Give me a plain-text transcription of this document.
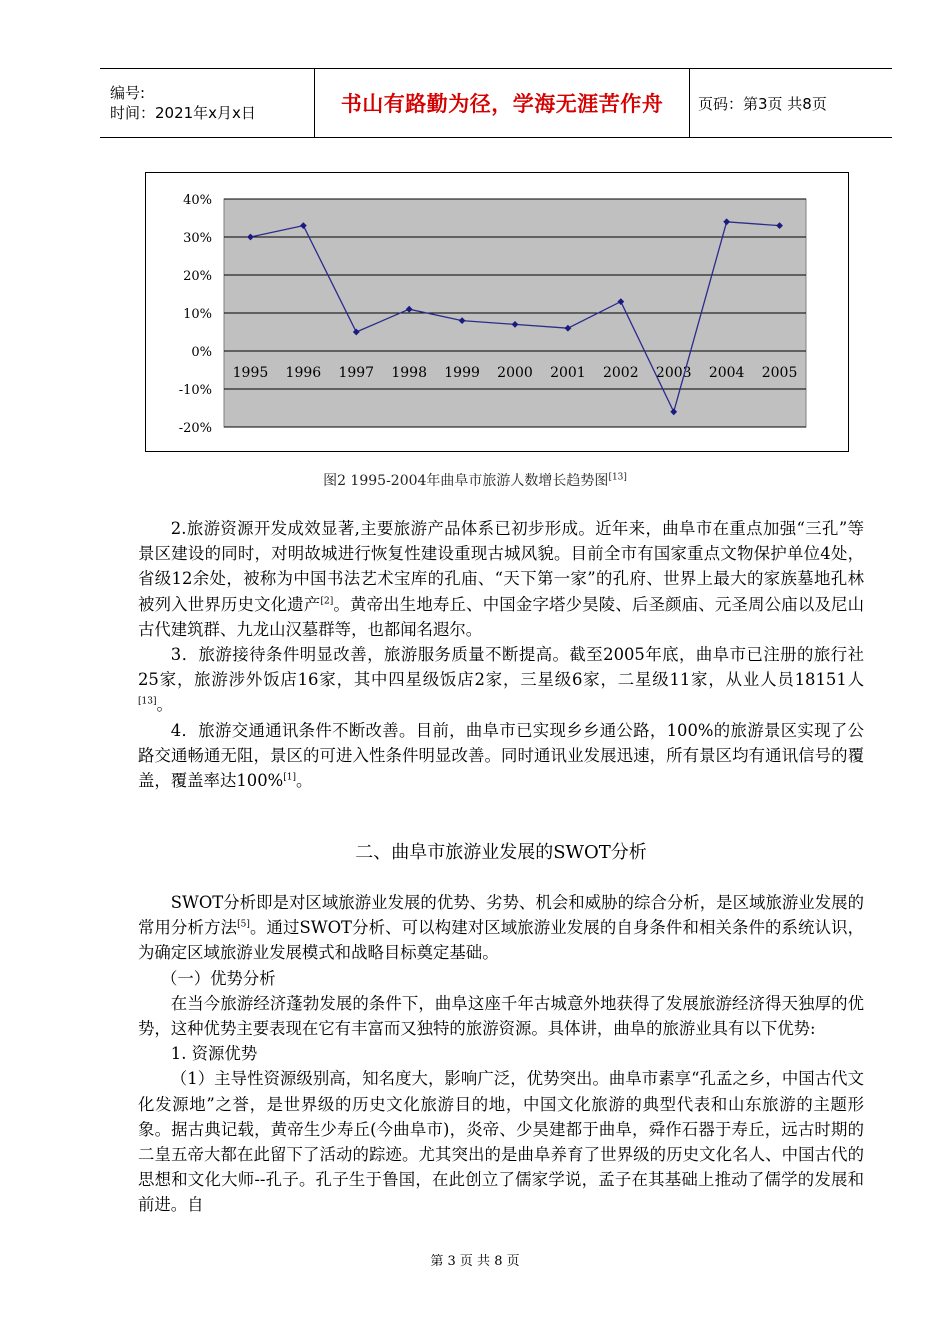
编号:
时间：2021年x月x日	书山有路勤为径，学海无涯苦作舟 页码：第3页 共8页
40%
30%
20%
10%
0%
-10%
-20%
1995 1996 1997 1998 1999 2000 2001 2002 2003 2004 2005
图2 1995-2004年曲阜市旅游人数增长趋势图[13]

2.旅游资源开发成效显著,主要旅游产品体系已初步形成。近年来，曲阜市在重点加强“三孔”等景区建设的同时，对明故城进行恢复性建设重现古城风貌。目前全市有国家重点文物保护单位4处，省级12余处，被称为中国书法艺术宝库的孔庙、“天下第一家”的孔府、世界上最大的家族墓地孔林被列入世界历史文化遗产[2]。黄帝出生地寿丘、中国金字塔少昊陵、后圣颜庙、元圣周公庙以及尼山古代建筑群、九龙山汉墓群等，也都闻名遐尔。

3．旅游接待条件明显改善，旅游服务质量不断提高。截至2005年底，曲阜市已注册的旅行社25家，旅游涉外饭店16家，其中四星级饭店2家，三星级6家，二星级11家，从业人员18151人[13]。

4．旅游交通通讯条件不断改善。目前，曲阜市已实现乡乡通公路，100%的旅游景区实现了公路交通畅通无阻，景区的可进入性条件明显改善。同时通讯业发展迅速，所有景区均有通讯信号的覆盖，覆盖率达100%[1]。

二、曲阜市旅游业发展的SWOT分析

SWOT分析即是对区域旅游业发展的优势、劣势、机会和威胁的综合分析，是区域旅游业发展的常用分析方法[5]。通过SWOT分析、可以构建对区域旅游业发展的自身条件和相关条件的系统认识，为确定区域旅游业发展模式和战略目标奠定基础。

（一）优势分析

在当今旅游经济蓬勃发展的条件下，曲阜这座千年古城意外地获得了发展旅游经济得天独厚的优势，这种优势主要表现在它有丰富而又独特的旅游资源。具体讲，曲阜的旅游业具有以下优势:

1. 资源优势

（1）主导性资源级别高，知名度大，影响广泛，优势突出。曲阜市素享“孔孟之乡，中国古代文化发源地”之誉，是世界级的历史文化旅游目的地，中国文化旅游的典型代表和山东旅游的主题形象。据古典记载，黄帝生少寿丘(今曲阜市)，炎帝、少昊建都于曲阜，舜作石器于寿丘，远古时期的二皇五帝大都在此留下了活动的踪迹。尤其突出的是曲阜养育了世界级的历史文化名人、中国古代的思想和文化大师--孔子。孔子生于鲁国，在此创立了儒家学说，孟子在其基础上推动了儒学的发展和前进。自

第 3 页 共 8 页
